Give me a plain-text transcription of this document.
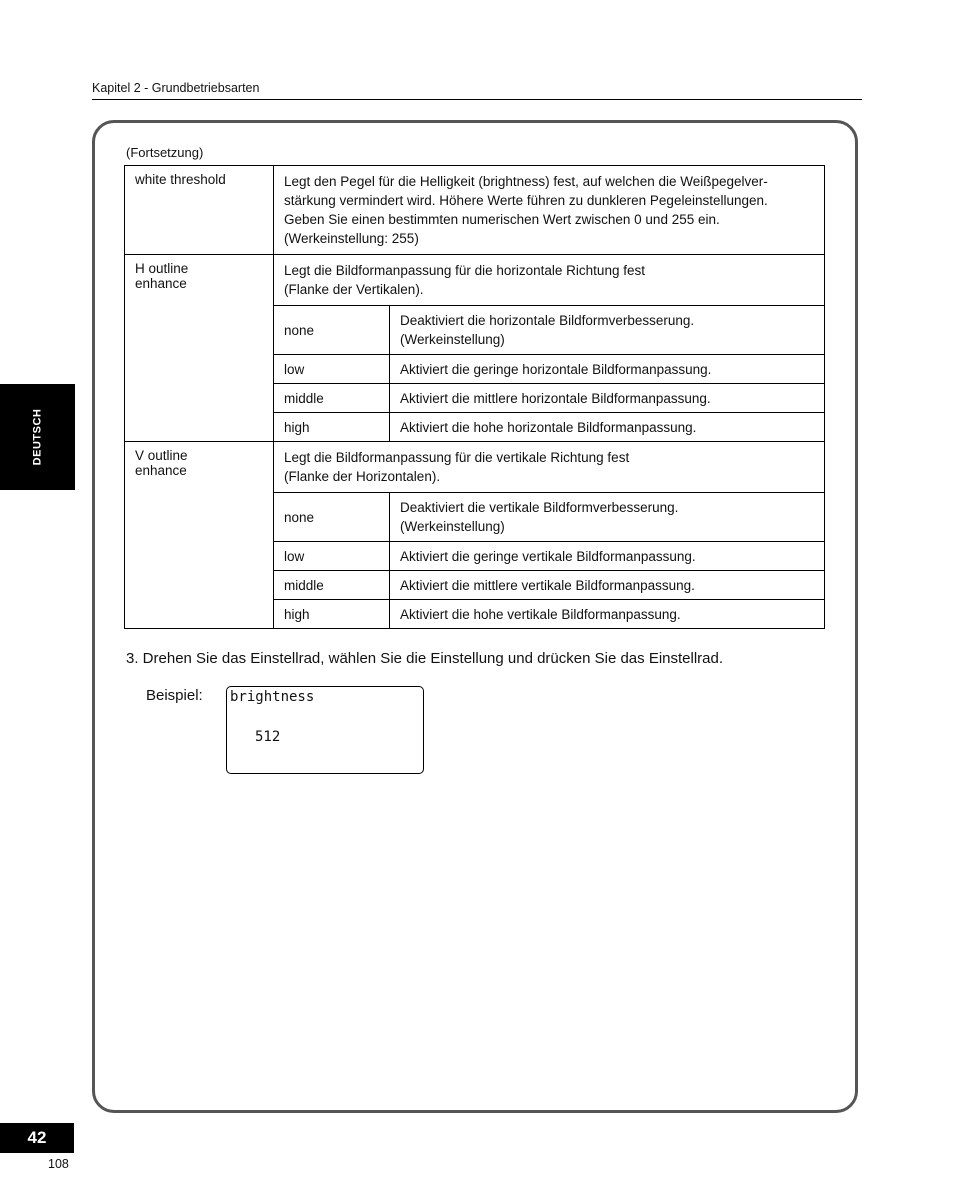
Kapitel 2 - Grundbetriebsarten
DEUTSCH
(Fortsetzung)
white threshold	Legt den Pegel für die Helligkeit (brightness) fest, auf welchen die Weißpegelver-
stärkung vermindert wird. Höhere Werte führen zu dunkleren Pegeleinstellungen.
Geben Sie einen bestimmten numerischen Wert zwischen 0 und 255 ein.
(Werkeinstellung: 255)	
H outline
enhance	Legt die Bildformanpassung für die horizontale Richtung fest
(Flanke der Vertikalen).	
	none	Deaktiviert die horizontale Bildformverbesserung.
(Werkeinstellung)
	low	Aktiviert die geringe horizontale Bildformanpassung.
	middle	Aktiviert die mittlere horizontale Bildformanpassung.
	high	Aktiviert die hohe horizontale Bildformanpassung.
V outline
enhance	Legt die Bildformanpassung für die vertikale Richtung fest
(Flanke der Horizontalen).	
	none	Deaktiviert die vertikale Bildformverbesserung.
(Werkeinstellung)
	low	Aktiviert die geringe vertikale Bildformanpassung.
	middle	Aktiviert die mittlere vertikale Bildformanpassung.
	high	Aktiviert die hohe vertikale Bildformanpassung.
3. Drehen Sie das Einstellrad, wählen Sie die Einstellung und drücken Sie das Einstellrad.
Beispiel: brightness
512
42
108
